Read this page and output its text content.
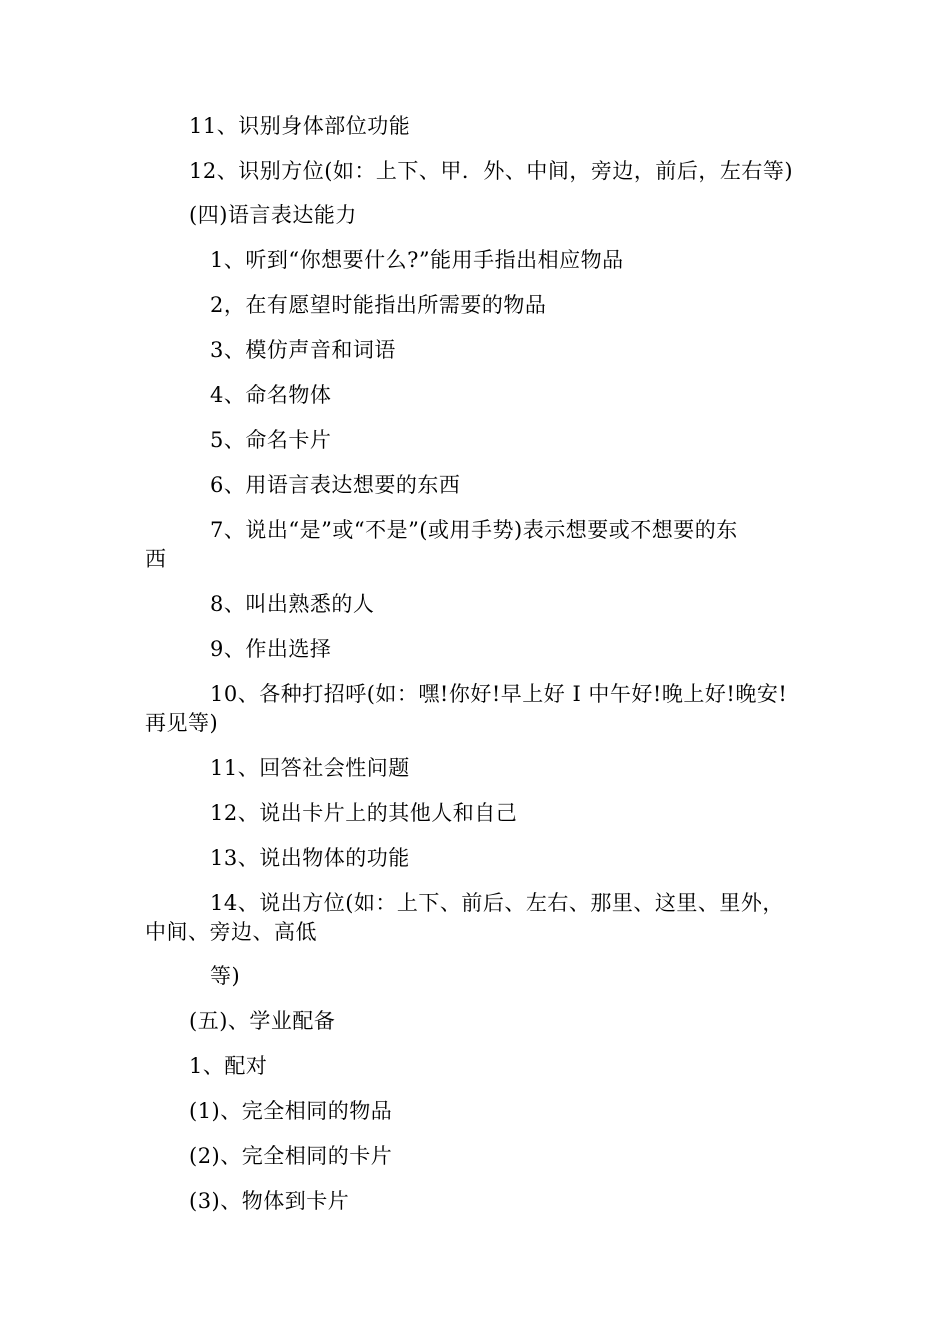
11、识别身体部位功能
12、识别方位(如：上下、甲．外、中间，旁边，前后，左右等)
(四)语言表达能力
1、听到“你想要什么?”能用手指出相应物品
2，在有愿望时能指出所需要的物品
3、模仿声音和词语
4、命名物体
5、命名卡片
6、用语言表达想要的东西
7、说出“是”或“不是”(或用手势)表示想要或不想要的东
西
8、叫出熟悉的人
9、作出选择
10、各种打招呼(如：嘿!你好!早上好 I 中午好!晚上好!晚安!
再见等)
11、回答社会性问题
12、说出卡片上的其他人和自己
13、说出物体的功能
14、说出方位(如：上下、前后、左右、那里、这里、里外，
中间、旁边、高低
等)
(五)、学业配备
1、配对
(1)、完全相同的物品
(2)、完全相同的卡片
(3)、物体到卡片
